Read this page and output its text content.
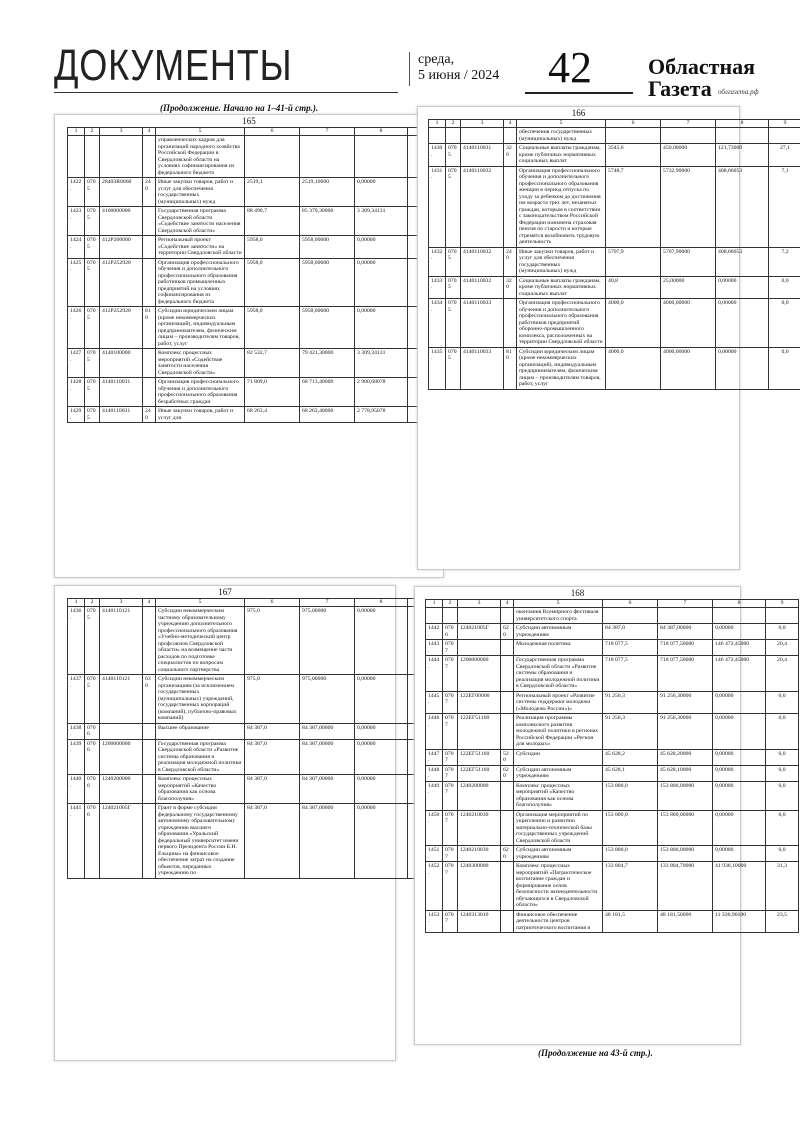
ДОКУМЕНТЫ	среда,
5 июня / 2024 42	Областная
Газета облгазета.рф
(Продолжение. Начало на 1–41-й стр.).
165
1	2	3	4	5	6	7	8	
				управленческих кадров для организаций народного хозяйства Российской Федерации в Свердловской области на условиях софинансирования из федерального бюджета				
1422.	0705	28403R0660	240	Иные закупки товаров, работ и услуг для обеспечения государственных (муниципальных) нужд	2519,1	2519,10000	0,00000	
1423.	0705	4100000000		Государственная программа Свердловской области «Содействие занятости населения Свердловской области»	88 490,7	85 379,30000	3 309,34131	
1424.	0705	412P200000		Региональный проект «Содействие занятости» на территории Свердловской области	5958,0	5958,00000	0,00000	
1425.	0705	412P252920		Организация профессионального обучения и дополнительного профессионального образования работников промышленных предприятий на условиях софинансирования из федерального бюджета	5958,0	5958,00000	0,00000	
1426.	0705	412P252920	810	Субсидии юридическим лицам (кроме некоммерческих организаций), индивидуальным предпринимателям, физическим лицам – производителям товаров, работ, услуг	5958,0	5958,00000	0,00000	
1427.	0705	4140100000		Комплекс процессных мероприятий «Содействие занятости населения Свердловской области»	82 532,7	79 421,30000	3 309,34131	
1428.	0705	4140110031		Организация профессионального обучения и дополнительного профессионального образования безработных граждан	71 809,0	68 713,40000	2 900,68078	
1429.	0705	4140110031	240	Иные закупки товаров, работ и услуг для	68 263,4	68 263,40000	2 778,95078	
166
1	2	3	4	5	6	7	8	9
				обеспечения государственных (муниципальных) нужд				
1430.	0705	4140110031	320	Социальные выплаты гражданам, кроме публичных нормативных социальных выплат	3545,6	450,00000	121,73000	27,1
1431.	0705	4140110032		Организация профессионального обучения и дополнительного профессионального образования женщин в период отпуска по уходу за ребенком до достижения им возраста трех лет, незанятых граждан, которым в соответствии с законодательством Российской Федерации назначена страховая пенсия по старости и которые стремятся возобновить трудовую деятельность	5748,7	5732,90000	408,66053	7,1
1432.	0705	4140110032	240	Иные закупки товаров, работ и услуг для обеспечения государственных (муниципальных) нужд	5707,9	5707,90000	408,66053	7,2
1433.	0705	4140110032	320	Социальные выплаты гражданам, кроме публичных нормативных социальных выплат	40,8	25,00000	0,00000	0,0
1434.	0705	4140110033		Организация профессионального обучения и дополнительного профессионального образования работников предприятий оборонно-промышленного комплекса, расположенных на территории Свердловской области	4000,0	4000,00000	0,00000	0,0
1435.	0705	4140110033	810	Субсидии юридическим лицам (кроме некоммерческих организаций), индивидуальным предпринимателям, физическим лицам – производителям товаров, работ, услуг	4000,0	4000,00000	0,00000	0,0
167
1	2	3	4	5	6	7	8	
1436.	0705	4140110121		Субсидии некоммерческим частному образовательному учреждению дополнительного профессионального образования «Учебно-методический центр профсоюзов Свердловской области» на возмещение части расходов по подготовке специалистов по вопросам социального партнерства	975,0	975,00000	0,00000	
1437.	0705	4140110121	630	Субсидии некоммерческим организациям (за исключением государственных (муниципальных) учреждений, государственных корпораций (компаний), публично-правовых компаний)	975,0	975,00000	0,00000	
1438.	0706			Высшее образование	84 387,0	84 387,00000	0,00000	
1439.	0706	1200000000		Государственная программа Свердловской области «Развитие системы образования и реализация молодежной политики в Свердловской области»	84 387,0	84 387,00000	0,00000	
1440.	0706	1240200000		Комплекс процессных мероприятий «Качество образования как основа благополучия»	84 387,0	84 387,00000	0,00000	
1441.	0706	124021005Г		Грант в форме субсидии федеральному государственному автономному образовательному учреждению высшего образования «Уральский федеральный университет имени первого Президента России Б.Н. Ельцина» на финансовое обеспечение затрат на создание объектов, переданных учреждению по	84 387,0	84 387,00000	0,00000	
168
1	2	3	4	5	6	7	8	9
				окончания Всемирного фестиваля университетского спорта				
1442.	0706	124021005Г	620	Субсидии автономным учреждениям	84 387,0	84 387,00000	0,00000	0,0
1443.	0707			Молодежная политика	718 077,5	718 077,50000	146 472,45000	20,4
1444.	0707	1200000000		Государственная программа Свердловской области «Развитие системы образования и реализация молодежной политики в Свердловской области»	718 077,5	718 077,50000	146 472,45000	20,4
1445.	0707	122EГ00000		Региональный проект «Развитие системы поддержки молодежи («Молодежь России»)»	91 256,3	91 256,30000	0,00000	0,0
1446.	0707	122EГ51160		Реализация программы комплексного развития молодежной политики в регионах Российской Федерации «Регион для молодых»	91 256,3	91 256,30000	0,00000	0,0
1447.	0707	122EГ51160	520	Субсидии	45 628,2	45 628,20000	0,00000	0,0
1448.	0707	122EГ51160	620	Субсидии автономным учреждениям	45 628,1	45 628,10000	0,00000	0,0
1449.	0707	1240200000		Комплекс процессных мероприятий «Качество образования как основа благополучия»	153 800,0	153 800,00000	0,00000	0,0
1450.	0707	1240210030		Организация мероприятий по укреплению и развитию материально-технической базы государственных учреждений Свердловской области	153 800,0	153 800,00000	0,00000	0,0
1451.	0707	1240210030	620	Субсидии автономным учреждениям	153 800,0	153 800,00000	0,00000	0,0
1452.	0707	1240300000		Комплекс процессных мероприятий «Патриотическое воспитание граждан и формирование основ безопасности жизнедеятельности обучающихся в Свердловской области»	133 804,7	133 804,70000	41 936,10000	31,3
1453.	0707	1240313010		Финансовое обеспечение деятельности центров патриотического воспитания и	48 181,5	48 181,50000	11 336,90100	23,5
(Продолжение на 43-й стр.).
